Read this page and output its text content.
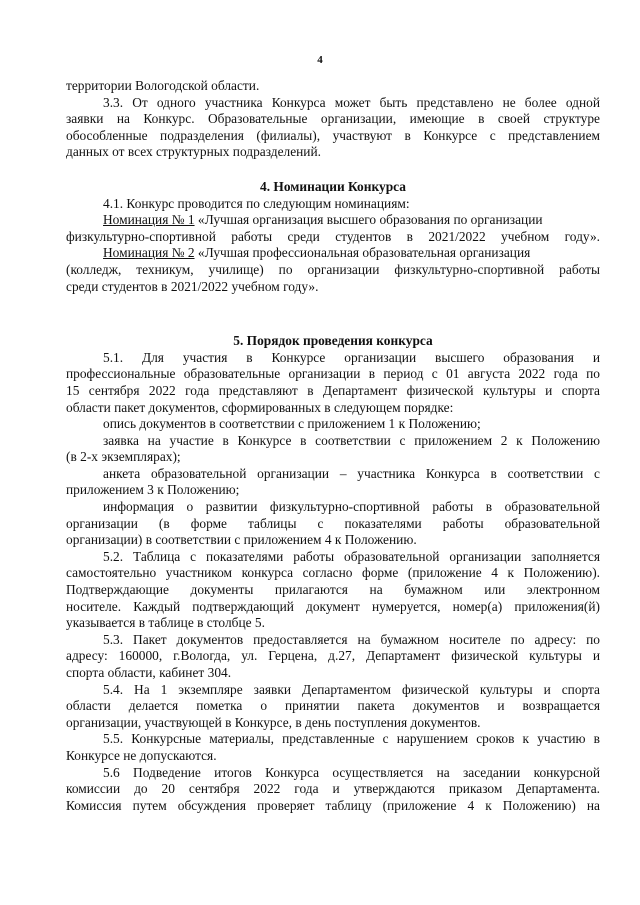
4
территории Вологодской области.
3.3. От одного участника Конкурса может быть представлено не более одной
заявки на Конкурс. Образовательные организации, имеющие в своей структуре
обособленные подразделения (филиалы), участвуют в Конкурсе с представлением
данных от всех структурных подразделений.
4. Номинации Конкурса
4.1. Конкурс проводится по следующим номинациям:
Номинация № 1 «Лучшая организация высшего образования по организации
физкультурно-спортивной работы среди студентов в 2021/2022 учебном году».
Номинация № 2 «Лучшая профессиональная образовательная организация
(колледж, техникум, училище) по организации физкультурно-спортивной работы
среди студентов в 2021/2022 учебном году».
5. Порядок проведения конкурса
5.1. Для участия в Конкурсе организации высшего образования и
профессиональные образовательные организации в период с 01 августа 2022 года по
15 сентября 2022 года представляют в Департамент физической культуры и спорта
области пакет документов, сформированных в следующем порядке:
опись документов в соответствии с приложением 1 к Положению;
заявка на участие в Конкурсе в соответствии с приложением 2 к Положению
(в 2-х экземплярах);
анкета образовательной организации – участника Конкурса в соответствии с
приложением 3 к Положению;
информация о развитии физкультурно-спортивной работы в образовательной
организации (в форме таблицы с показателями работы образовательной
организации) в соответствии с приложением 4 к Положению.
5.2. Таблица с показателями работы образовательной организации заполняется
самостоятельно участником конкурса согласно форме (приложение 4 к Положению).
Подтверждающие документы прилагаются на бумажном или электронном
носителе. Каждый подтверждающий документ нумеруется, номер(а) приложения(й)
указывается в таблице в столбце 5.
5.3. Пакет документов предоставляется на бумажном носителе по адресу: по
адресу: 160000, г.Вологда, ул. Герцена, д.27, Департамент физической культуры и
спорта области, кабинет 304.
5.4. На 1 экземпляре заявки Департаментом физической культуры и спорта
области делается пометка о принятии пакета документов и возвращается
организации, участвующей в Конкурсе, в день поступления документов.
5.5. Конкурсные материалы, представленные с нарушением сроков к участию в
Конкурсе не допускаются.
5.6 Подведение итогов Конкурса осуществляется на заседании конкурсной
комиссии до 20 сентября 2022 года и утверждаются приказом Департамента.
Комиссия путем обсуждения проверяет таблицу (приложение 4 к Положению) на
